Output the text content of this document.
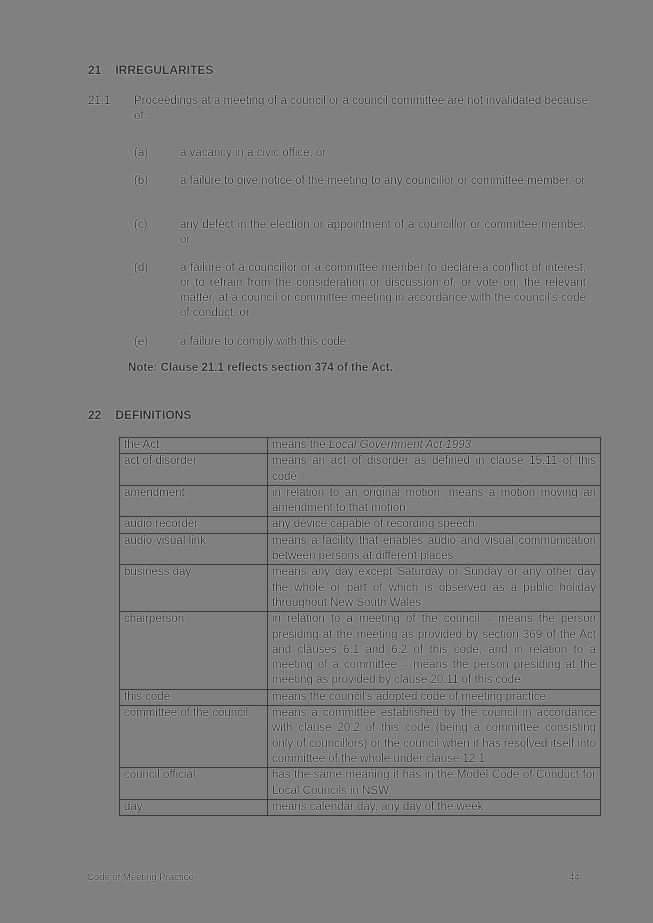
21 IRREGULARITES
21.1 Proceedings at a meeting of a council or a council committee are not invalidated because of:
(a)	a vacancy in a civic office, or
(b)	a failure to give notice of the meeting to any councillor or committee member, or
(c)	any defect in the election or appointment of a councillor or committee member, or
(d)	a failure of a councillor or a committee member to declare a conflict of interest, or to refrain from the consideration or discussion of, or vote on, the relevant matter, at a council or committee meeting in accordance with the council's code of conduct, or
(e)	a failure to comply with this code.
Note: Clause 21.1 reflects section 374 of the Act.
22 DEFINITIONS
the Act	means the Local Government Act 1993
act of disorder	means an act of disorder as defined in clause 15.11 of this code
amendment	in relation to an original motion, means a motion moving an amendment to that motion
audio recorder	any device capable of recording speech
audio-visual link	means a facility that enables audio and visual communication between persons at different places
business day	means any day except Saturday or Sunday or any other day the whole or part of which is observed as a public holiday throughout New South Wales
chairperson	in relation to a meeting of the council – means the person presiding at the meeting as provided by section 369 of the Act and clauses 6.1 and 6.2 of this code, and in relation to a meeting of a committee – means the person presiding at the meeting as provided by clause 20.11 of this code
this code	means the council's adopted code of meeting practice
committee of the council	means a committee established by the council in accordance with clause 20.2 of this code (being a committee consisting only of councillors) or the council when it has resolved itself into committee of the whole under clause 12.1
council official	has the same meaning it has in the Model Code of Conduct for Local Councils in NSW
day	means calendar day, any day of the week
Code of Meeting Practice	44
